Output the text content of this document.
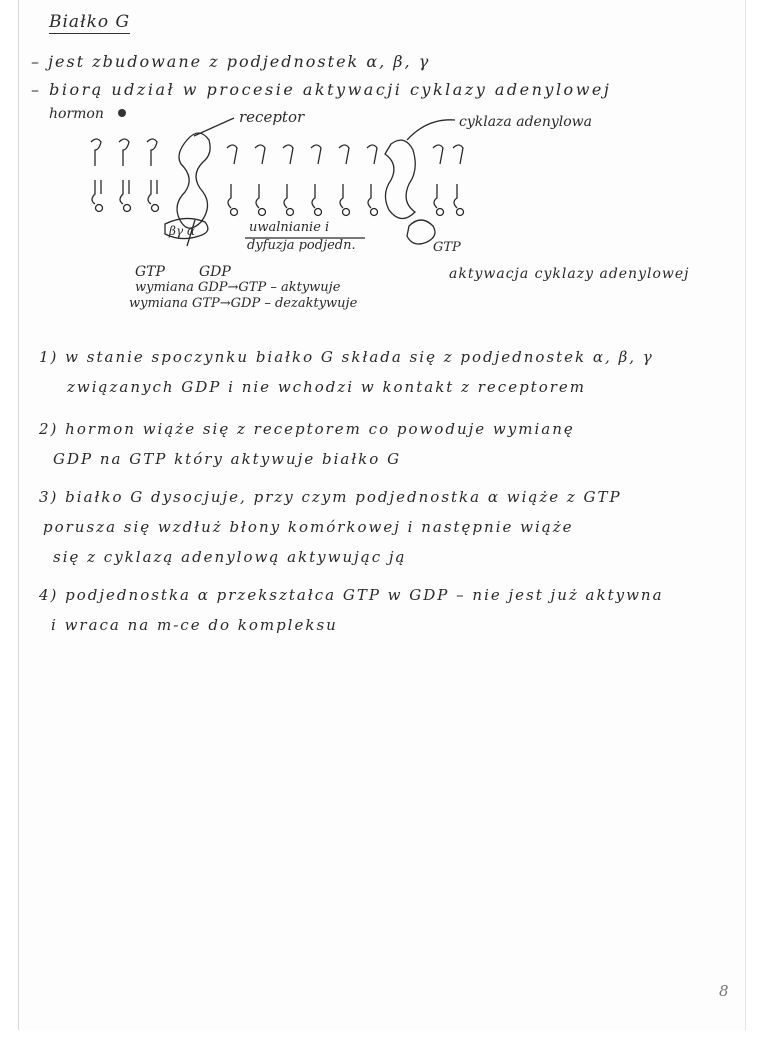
Białko G
– jest zbudowane z podjednostek α, β, γ
– biorą udział w procesie aktywacji cyklazy adenylowej
hormon	receptor	cyklaza adenylowa
βγ α	uwalnianie i
dyfuzja podjedn.	GTP
GTP GDP	aktywacja cyklazy adenylowej
wymiana GDP→GTP – aktywuje
wymiana GTP→GDP – dezaktywuje
1) w stanie spoczynku białko G składa się z podjednostek α, β, γ
związanych GDP i nie wchodzi w kontakt z receptorem
2) hormon wiąże się z receptorem co powoduje wymianę
GDP na GTP który aktywuje białko G
3) białko G dysocjuje, przy czym podjednostka α wiąże z GTP
porusza się wzdłuż błony komórkowej i następnie wiąże
się z cyklazą adenylową aktywując ją
4) podjednostka α przekształca GTP w GDP – nie jest już aktywna
i wraca na m-ce do kompleksu
8
